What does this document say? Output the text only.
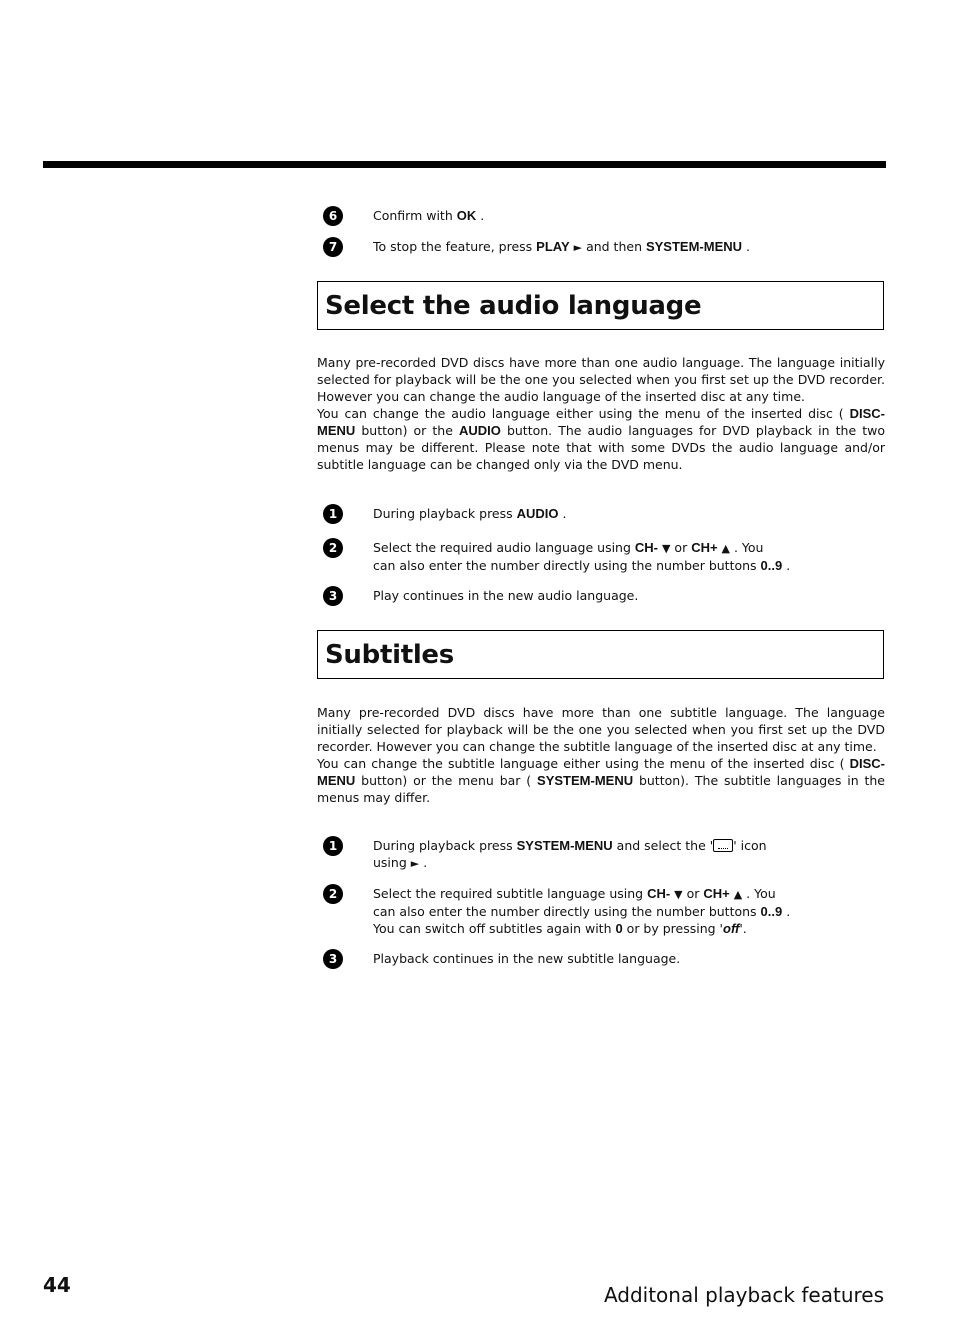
6	Confirm with OK .
7	To stop the feature, press PLAY ► and then SYSTEM-MENU .
Select the audio language

Many pre-recorded DVD discs have more than one audio language. The language initially selected for playback will be the one you selected when you first set up the DVD recorder. However you can change the audio language of the inserted disc at any time.

You can change the audio language either using the menu of the inserted disc ( DISC-MENU button) or the AUDIO button. The audio languages for DVD playback in the two menus may be different. Please note that with some DVDs the audio language and/or subtitle language can be changed only via the DVD menu.

1	During playback press AUDIO .
2	Select the required audio language using CH- ▼ or CH+ ▲ . You
can also enter the number directly using the number buttons 0..9 .
3	Play continues in the new audio language.
Subtitles

Many pre-recorded DVD discs have more than one subtitle language. The language initially selected for playback will be the one you selected when you first set up the DVD recorder. However you can change the subtitle language of the inserted disc at any time.

You can change the subtitle language either using the menu of the inserted disc ( DISC-MENU button) or the menu bar ( SYSTEM-MENU button). The subtitle languages in the menus may differ.

1	During playback press SYSTEM-MENU and select the ' ' icon
using ► .
2	Select the required subtitle language using CH- ▼ or CH+ ▲ . You
can also enter the number directly using the number buttons 0..9 .
You can switch off subtitles again with 0 or by pressing 'off'.
3	Playback continues in the new subtitle language.
44	Additonal playback features
